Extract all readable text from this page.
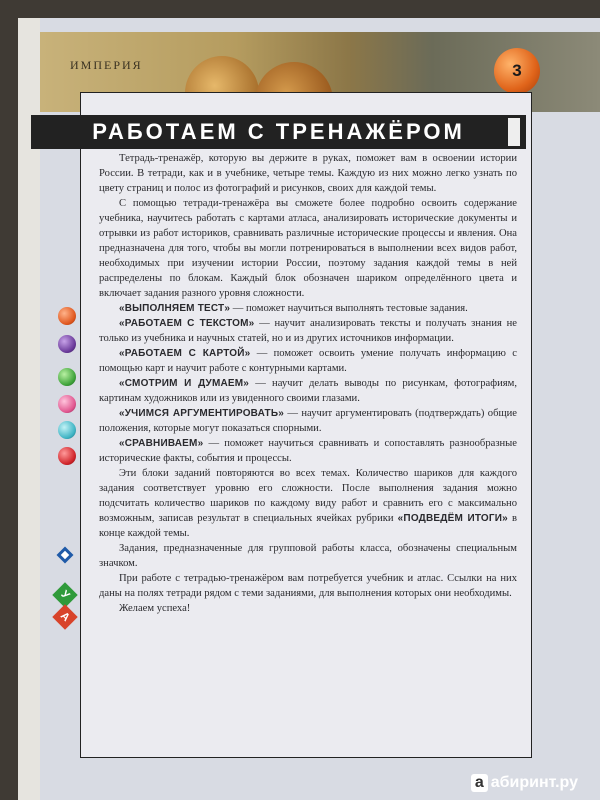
ИМПЕРИЯ	3
РАБОТАЕМ С ТРЕНАЖЁРОМ

Тетрадь-тренажёр, которую вы держите в руках, поможет вам в освоении истории России. В тетради, как и в учебнике, четыре темы. Каждую из них можно легко узнать по цвету страниц и полос из фотографий и рисунков, своих для каждой темы.

С помощью тетради-тренажёра вы сможете более подробно освоить содержание учебника, научитесь работать с картами атласа, анализировать исторические документы и отрывки из работ историков, сравнивать различные исторические процессы и явления. Она предназначена для того, чтобы вы могли потренироваться в выполнении всех видов работ, необходимых при изучении истории России, поэтому задания каждой темы в ней распределены по блокам. Каждый блок обозначен шариком определённого цвета и включает задания разного уровня сложности.

«ВЫПОЛНЯЕМ ТЕСТ» — поможет научиться выполнять тестовые задания.

«РАБОТАЕМ С ТЕКСТОМ» — научит анализировать тексты и получать знания не только из учебника и научных статей, но и из других источников информации.

«РАБОТАЕМ С КАРТОЙ» — поможет освоить умение получать информацию с помощью карт и научит работе с контурными картами.

«СМОТРИМ И ДУМАЕМ» — научит делать выводы по рисункам, фотографиям, картинам художников или из увиденного своими глазами.

«УЧИМСЯ АРГУМЕНТИРОВАТЬ» — научит аргументировать (подтверждать) общие положения, которые могут показаться спорными.

«СРАВНИВАЕМ» — поможет научиться сравнивать и сопоставлять разнообразные исторические факты, события и процессы.

Эти блоки заданий повторяются во всех темах. Количество шариков для каждого задания соответствует уровню его сложности. После выполнения задания можно подсчитать количество шариков по каждому виду работ и сравнить его с максимально возможным, записав результат в специальных ячейках рубрики «ПОДВЕДЁМ ИТОГИ» в конце каждой темы.

Задания, предназначенные для групповой работы класса, обозначены специальным значком.

При работе с тетрадью-тренажёром вам потребуется учебник и атлас. Ссылки на них даны на полях тетради рядом с теми заданиями, для выполнения которых они необходимы.

Желаем успеха!

У
А
а абиринт.ру
